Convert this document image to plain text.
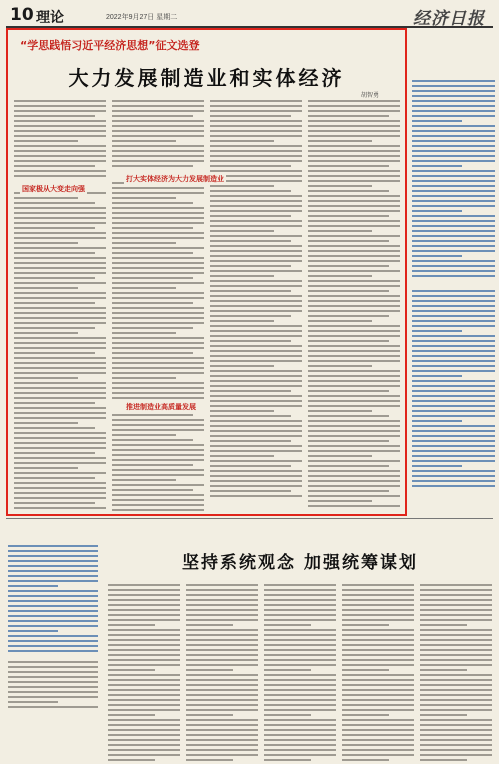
10 理论	2022年9月27日 星期二	经济日报
“学思践悟习近平经济思想”征文选登
大力发展制造业和实体经济
胡智勇
国家极从大变走向强
打大实体经济为大力发展制造业
推进制造业高质量发展
坚持系统观念 加强统筹谋划
